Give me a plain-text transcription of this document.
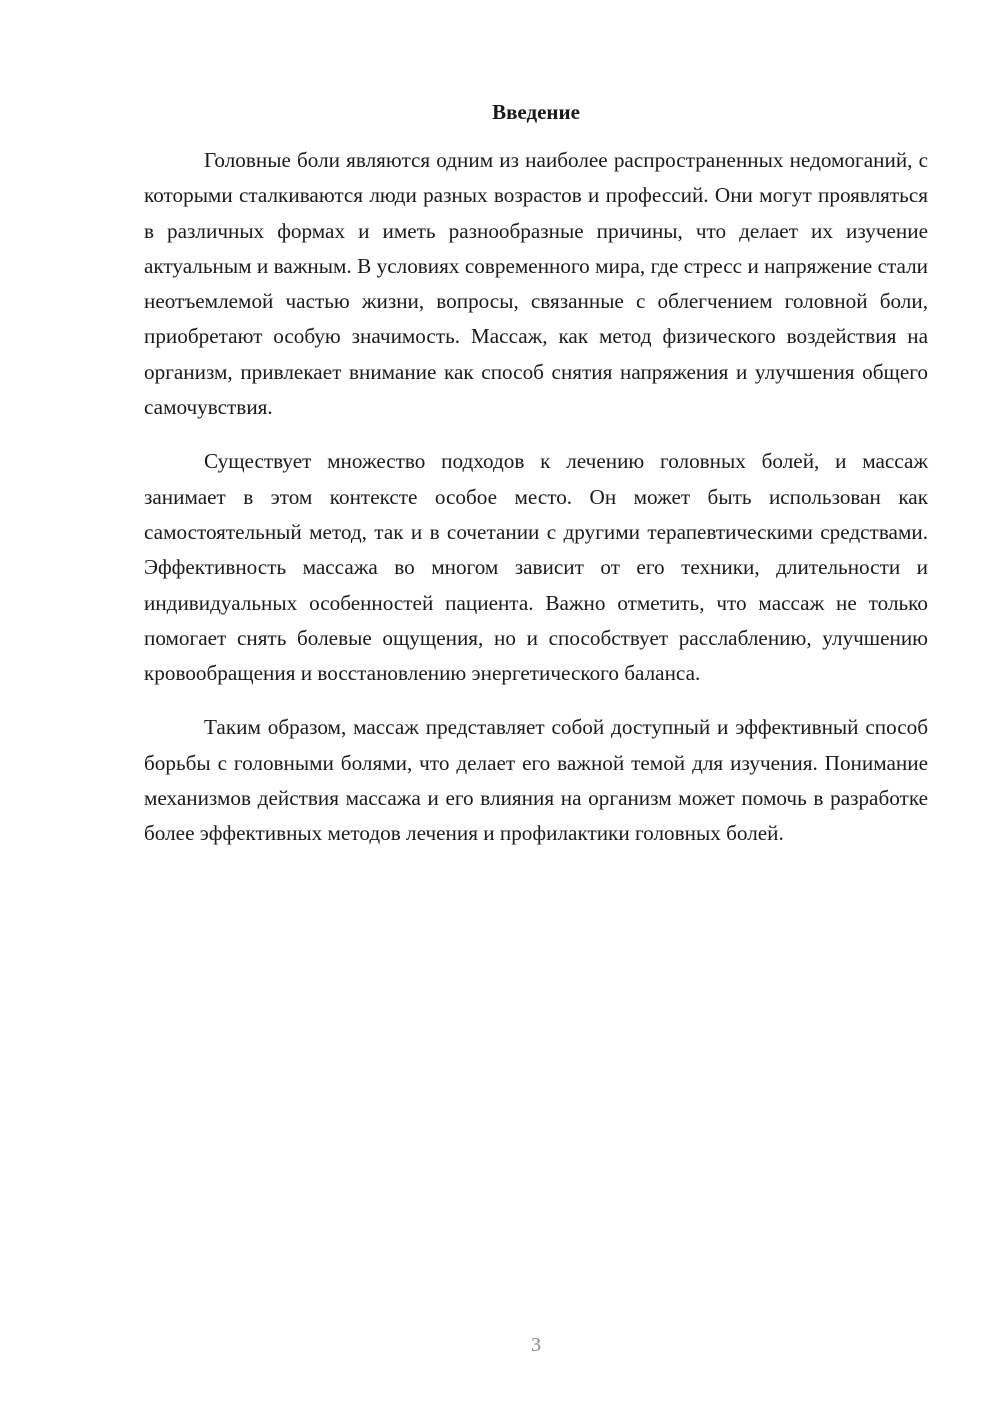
Введение

Головные боли являются одним из наиболее распространенных недомоганий, с которыми сталкиваются люди разных возрастов и профессий. Они могут проявляться в различных формах и иметь разнообразные причины, что делает их изучение актуальным и важным. В условиях современного мира, где стресс и напряжение стали неотъемлемой частью жизни, вопросы, связанные с облегчением головной боли, приобретают особую значимость. Массаж, как метод физического воздействия на организм, привлекает внимание как способ снятия напряжения и улучшения общего самочувствия.

Существует множество подходов к лечению головных болей, и массаж занимает в этом контексте особое место. Он может быть использован как самостоятельный метод, так и в сочетании с другими терапевтическими средствами. Эффективность массажа во многом зависит от его техники, длительности и индивидуальных особенностей пациента. Важно отметить, что массаж не только помогает снять болевые ощущения, но и способствует расслаблению, улучшению кровообращения и восстановлению энергетического баланса.

Таким образом, массаж представляет собой доступный и эффективный способ борьбы с головными болями, что делает его важной темой для изучения. Понимание механизмов действия массажа и его влияния на организм может помочь в разработке более эффективных методов лечения и профилактики головных болей.

3
